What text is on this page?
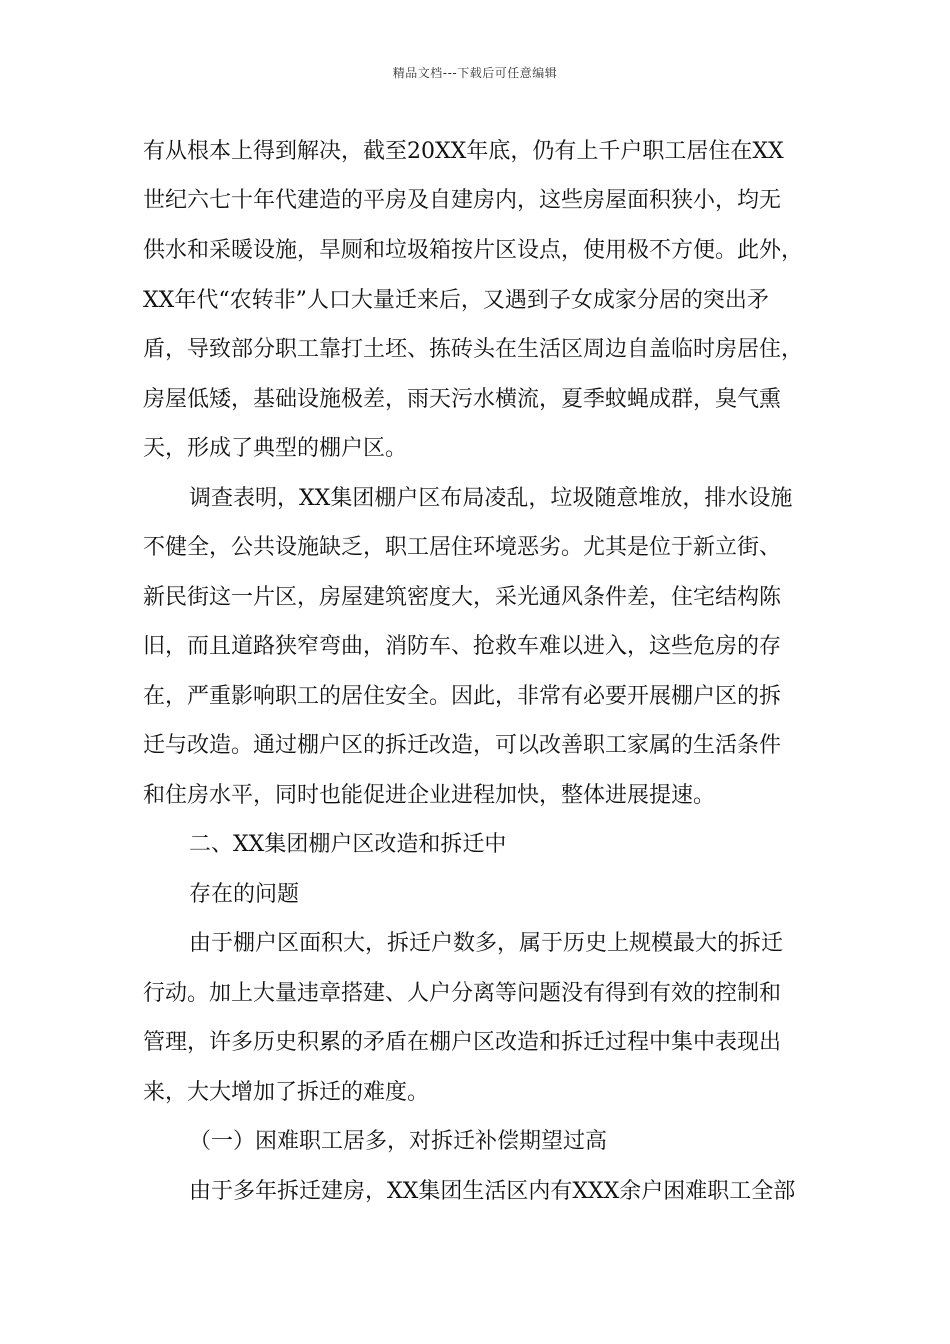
精品文档---下载后可任意编辑
有从根本上得到解决，截至20XX年底，仍有上千户职工居住在XX
世纪六七十年代建造的平房及自建房内，这些房屋面积狭小，均无
供水和采暖设施，旱厕和垃圾箱按片区设点，使用极不方便。此外，
XX年代“农转非”人口大量迁来后，又遇到子女成家分居的突出矛
盾，导致部分职工靠打土坯、拣砖头在生活区周边自盖临时房居住，
房屋低矮，基础设施极差，雨天污水横流，夏季蚊蝇成群，臭气熏
天，形成了典型的棚户区。
调查表明，XX集团棚户区布局凌乱，垃圾随意堆放，排水设施
不健全，公共设施缺乏，职工居住环境恶劣。尤其是位于新立街、
新民街这一片区，房屋建筑密度大，采光通风条件差，住宅结构陈
旧，而且道路狭窄弯曲，消防车、抢救车难以进入，这些危房的存
在，严重影响职工的居住安全。因此，非常有必要开展棚户区的拆
迁与改造。通过棚户区的拆迁改造，可以改善职工家属的生活条件
和住房水平，同时也能促进企业进程加快，整体进展提速。
二、XX集团棚户区改造和拆迁中
存在的问题
由于棚户区面积大，拆迁户数多，属于历史上规模最大的拆迁
行动。加上大量违章搭建、人户分离等问题没有得到有效的控制和
管理，许多历史积累的矛盾在棚户区改造和拆迁过程中集中表现出
来，大大增加了拆迁的难度。
（一）困难职工居多，对拆迁补偿期望过高
由于多年拆迁建房，XX集团生活区内有XXX余户困难职工全部
